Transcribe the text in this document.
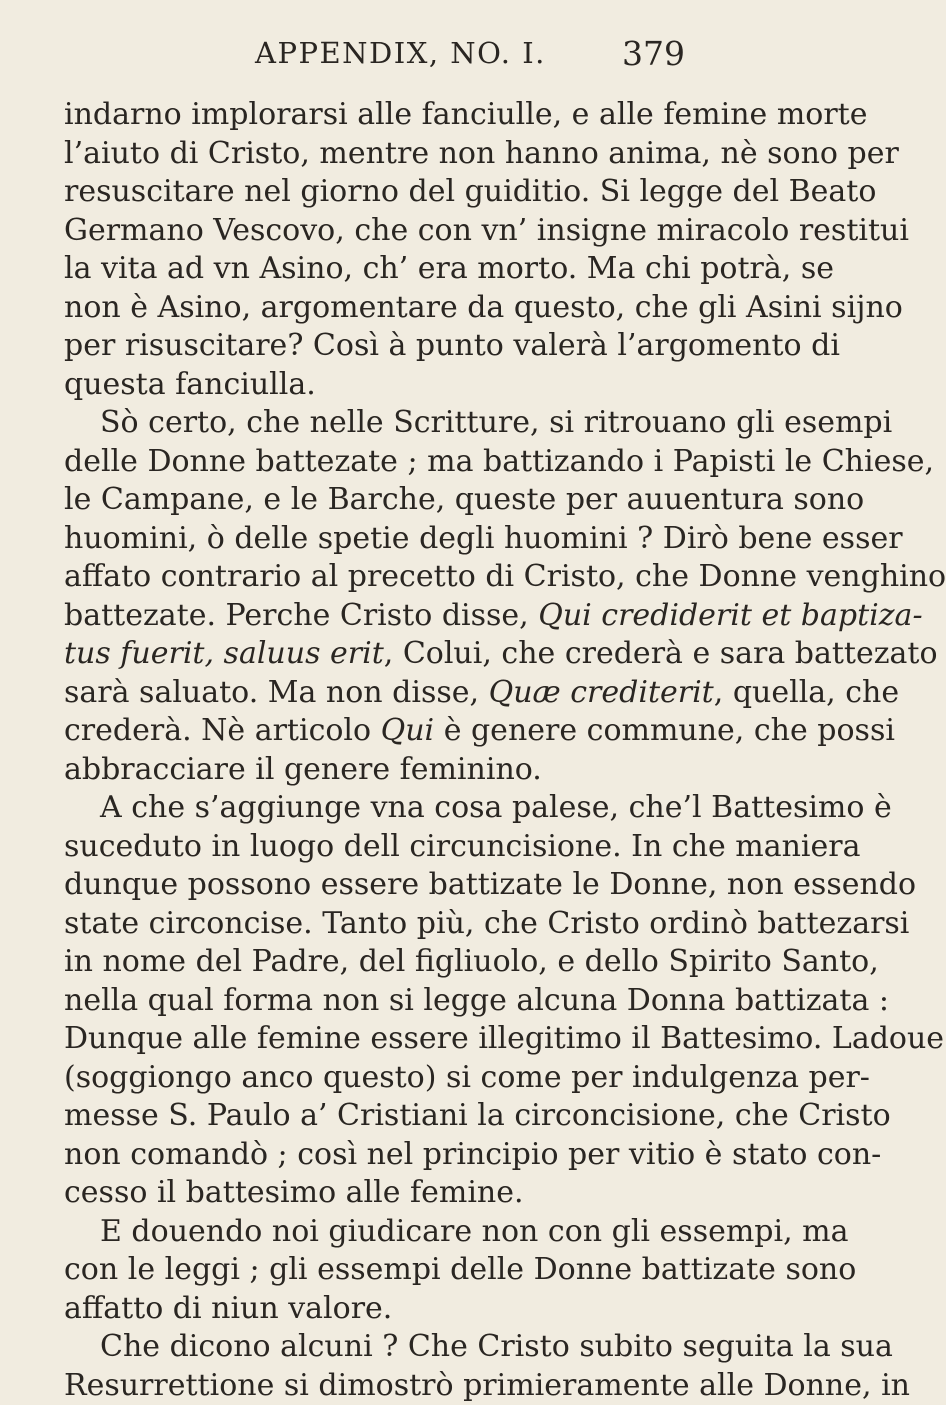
APPENDIX, NO. I. 379
indarno implorarsi alle fanciulle, e alle femine morte
l’aiuto di Cristo, mentre non hanno anima, nè sono per
resuscitare nel giorno del guiditio. Si legge del Beato
Germano Vescovo, che con vn’ insigne miracolo restitui
la vita ad vn Asino, ch’ era morto. Ma chi potrà, se
non è Asino, argomentare da questo, che gli Asini sijno
per risuscitare? Così à punto valerà l’argomento di
questa fanciulla.
Sò certo, che nelle Scritture, si ritrouano gli esempi
delle Donne battezate ; ma battizando i Papisti le Chiese,
le Campane, e le Barche, queste per auuentura sono
huomini, ò delle spetie degli huomini ? Dirò bene esser
affato contrario al precetto di Cristo, che Donne venghino
battezate. Perche Cristo disse, Qui crediderit et baptiza-
tus fuerit, saluus erit, Colui, che crederà e sara battezato
sarà saluato. Ma non disse, Quæ crediterit, quella, che
crederà. Nè articolo Qui è genere commune, che possi
abbracciare il genere feminino.
A che s’aggiunge vna cosa palese, che’l Battesimo è
suceduto in luogo dell circuncisione. In che maniera
dunque possono essere battizate le Donne, non essendo
state circoncise. Tanto più, che Cristo ordinò battezarsi
in nome del Padre, del figliuolo, e dello Spirito Santo,
nella qual forma non si legge alcuna Donna battizata :
Dunque alle femine essere illegitimo il Battesimo. Ladoue
(soggiongo anco questo) si come per indulgenza per-
messe S. Paulo a’ Cristiani la circoncisione, che Cristo
non comandò ; così nel principio per vitio è stato con-
cesso il battesimo alle femine.
E douendo noi giudicare non con gli essempi, ma
con le leggi ; gli essempi delle Donne battizate sono
affatto di niun valore.
Che dicono alcuni ? Che Cristo subito seguita la sua
Resurrettione si dimostrò primieramente alle Donne, in
